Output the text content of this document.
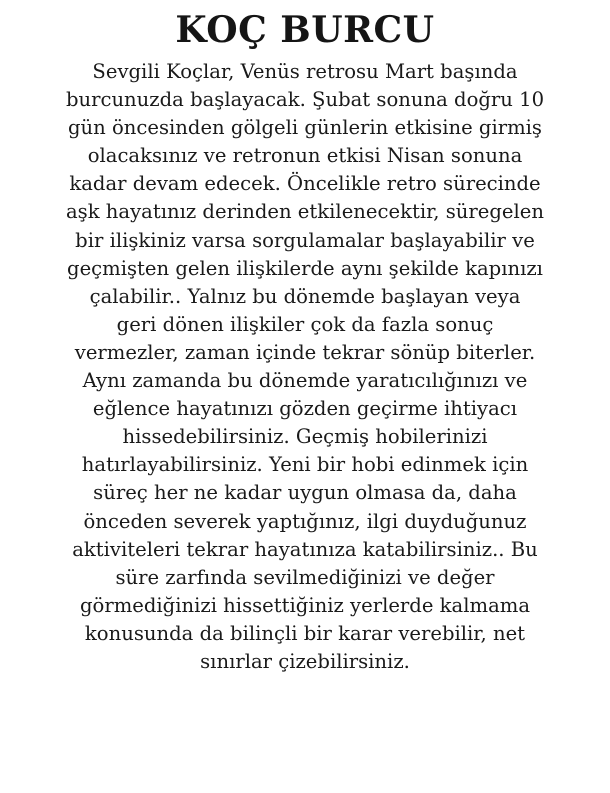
KOÇ BURCU

Sevgili Koçlar, Venüs retrosu Mart başında
burcunuzda başlayacak. Şubat sonuna doğru 10
gün öncesinden gölgeli günlerin etkisine girmiş
olacaksınız ve retronun etkisi Nisan sonuna
kadar devam edecek. Öncelikle retro sürecinde
aşk hayatınız derinden etkilenecektir, süregelen
bir ilişkiniz varsa sorgulamalar başlayabilir ve
geçmişten gelen ilişkilerde aynı şekilde kapınızı
çalabilir.. Yalnız bu dönemde başlayan veya
geri dönen ilişkiler çok da fazla sonuç
vermezler, zaman içinde tekrar sönüp biterler.
Aynı zamanda bu dönemde yaratıcılığınızı ve
eğlence hayatınızı gözden geçirme ihtiyacı
hissedebilirsiniz. Geçmiş hobilerinizi
hatırlayabilirsiniz. Yeni bir hobi edinmek için
süreç her ne kadar uygun olmasa da, daha
önceden severek yaptığınız, ilgi duyduğunuz
aktiviteleri tekrar hayatınıza katabilirsiniz.. Bu
süre zarfında sevilmediğinizi ve değer
görmediğinizi hissettiğiniz yerlerde kalmama
konusunda da bilinçli bir karar verebilir, net
sınırlar çizebilirsiniz.
